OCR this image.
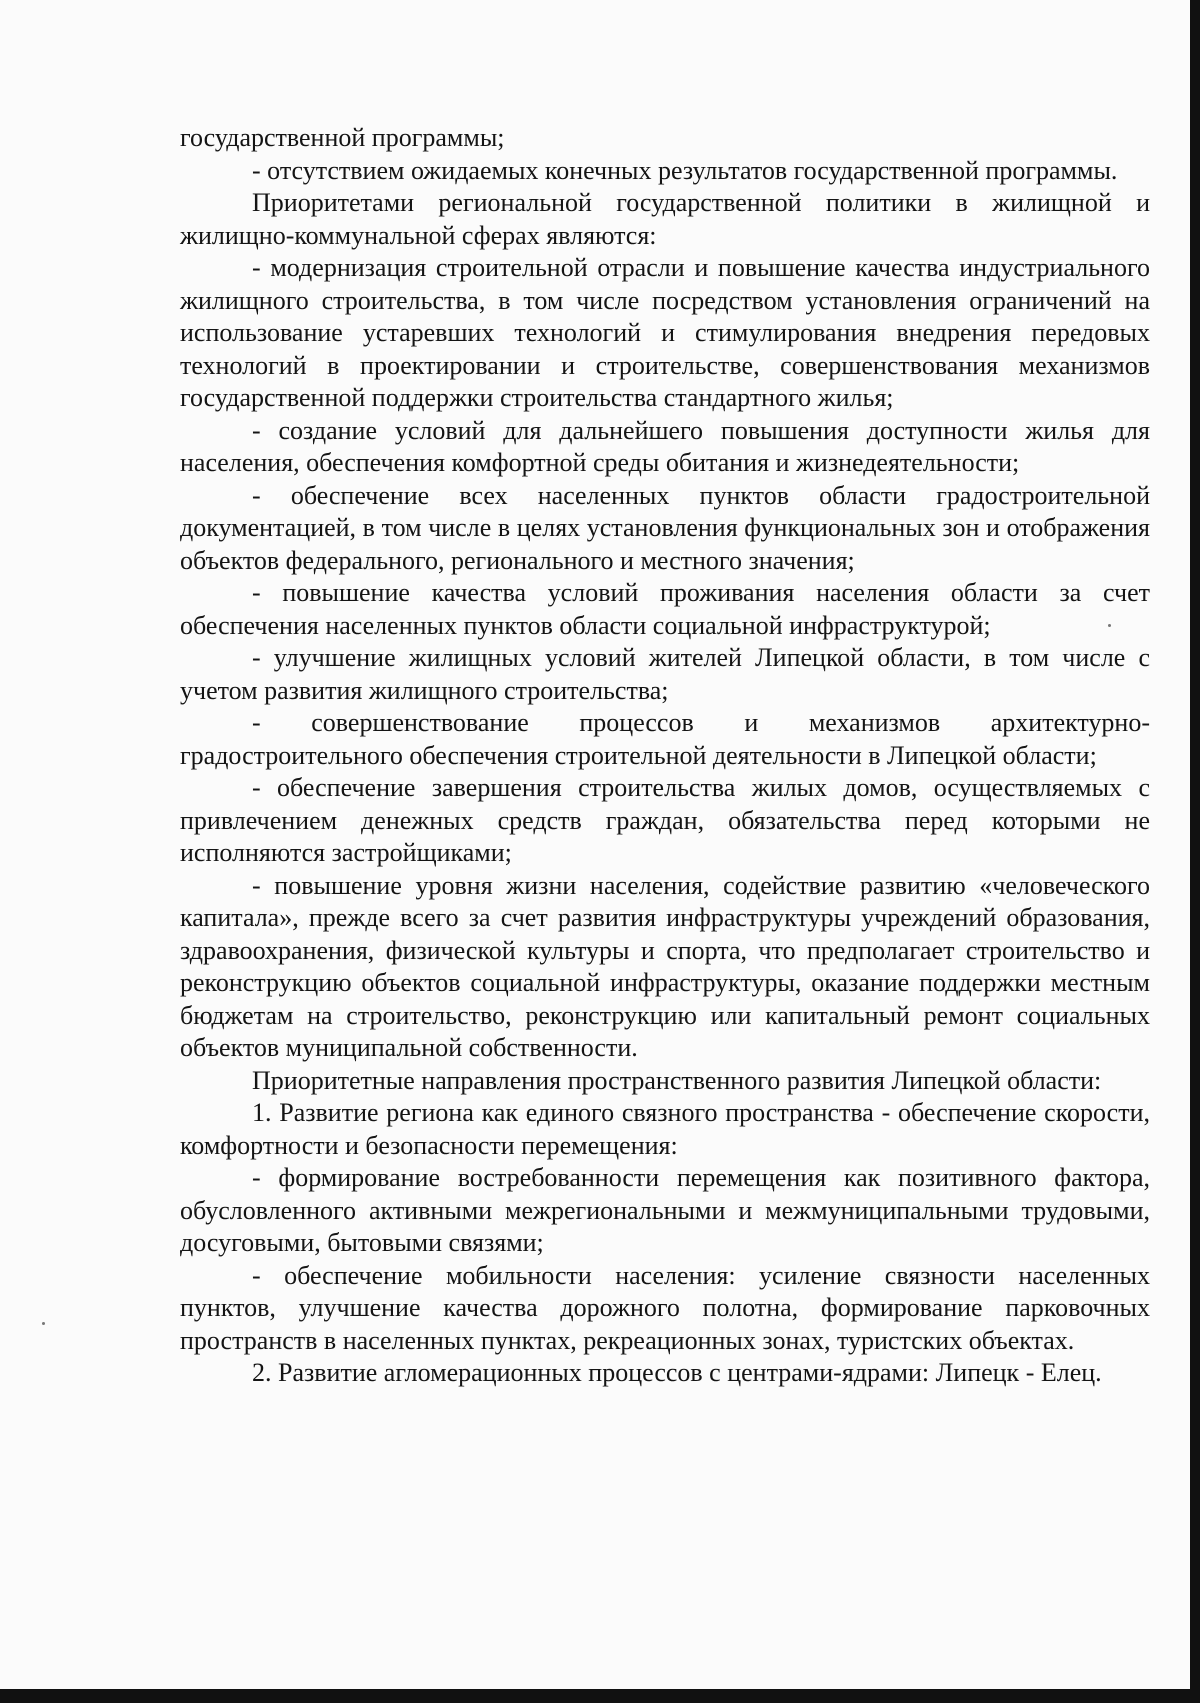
государственной программы;

- отсутствием ожидаемых конечных результатов государственной программы.

Приоритетами региональной государственной политики в жилищной и жилищно-коммунальной сферах являются:

- модернизация строительной отрасли и повышение качества индустриального жилищного строительства, в том числе посредством установления ограничений на использование устаревших технологий и стимулирования внедрения передовых технологий в проектировании и строительстве, совершенствования механизмов государственной поддержки строительства стандартного жилья;

- создание условий для дальнейшего повышения доступности жилья для населения, обеспечения комфортной среды обитания и жизнедеятельности;

- обеспечение всех населенных пунктов области градостроительной документацией, в том числе в целях установления функциональных зон и отображения объектов федерального, регионального и местного значения;

- повышение качества условий проживания населения области за счет обеспечения населенных пунктов области социальной инфраструктурой;

- улучшение жилищных условий жителей Липецкой области, в том числе с учетом развития жилищного строительства;

- совершенствование процессов и механизмов архитектурно-градостроительного обеспечения строительной деятельности в Липецкой области;

- обеспечение завершения строительства жилых домов, осуществляемых с привлечением денежных средств граждан, обязательства перед которыми не исполняются застройщиками;

- повышение уровня жизни населения, содействие развитию «человеческого капитала», прежде всего за счет развития инфраструктуры учреждений образования, здравоохранения, физической культуры и спорта, что предполагает строительство и реконструкцию объектов социальной инфраструктуры, оказание поддержки местным бюджетам на строительство, реконструкцию или капитальный ремонт социальных объектов муниципальной собственности.

Приоритетные направления пространственного развития Липецкой области:

1. Развитие региона как единого связного пространства - обеспечение скорости, комфортности и безопасности перемещения:

- формирование востребованности перемещения как позитивного фактора, обусловленного активными межрегиональными и межмуниципальными трудовыми, досуговыми, бытовыми связями;

- обеспечение мобильности населения: усиление связности населенных пунктов, улучшение качества дорожного полотна, формирование парковочных пространств в населенных пунктах, рекреационных зонах, туристских объектах.

2. Развитие агломерационных процессов с центрами-ядрами: Липецк - Елец.
